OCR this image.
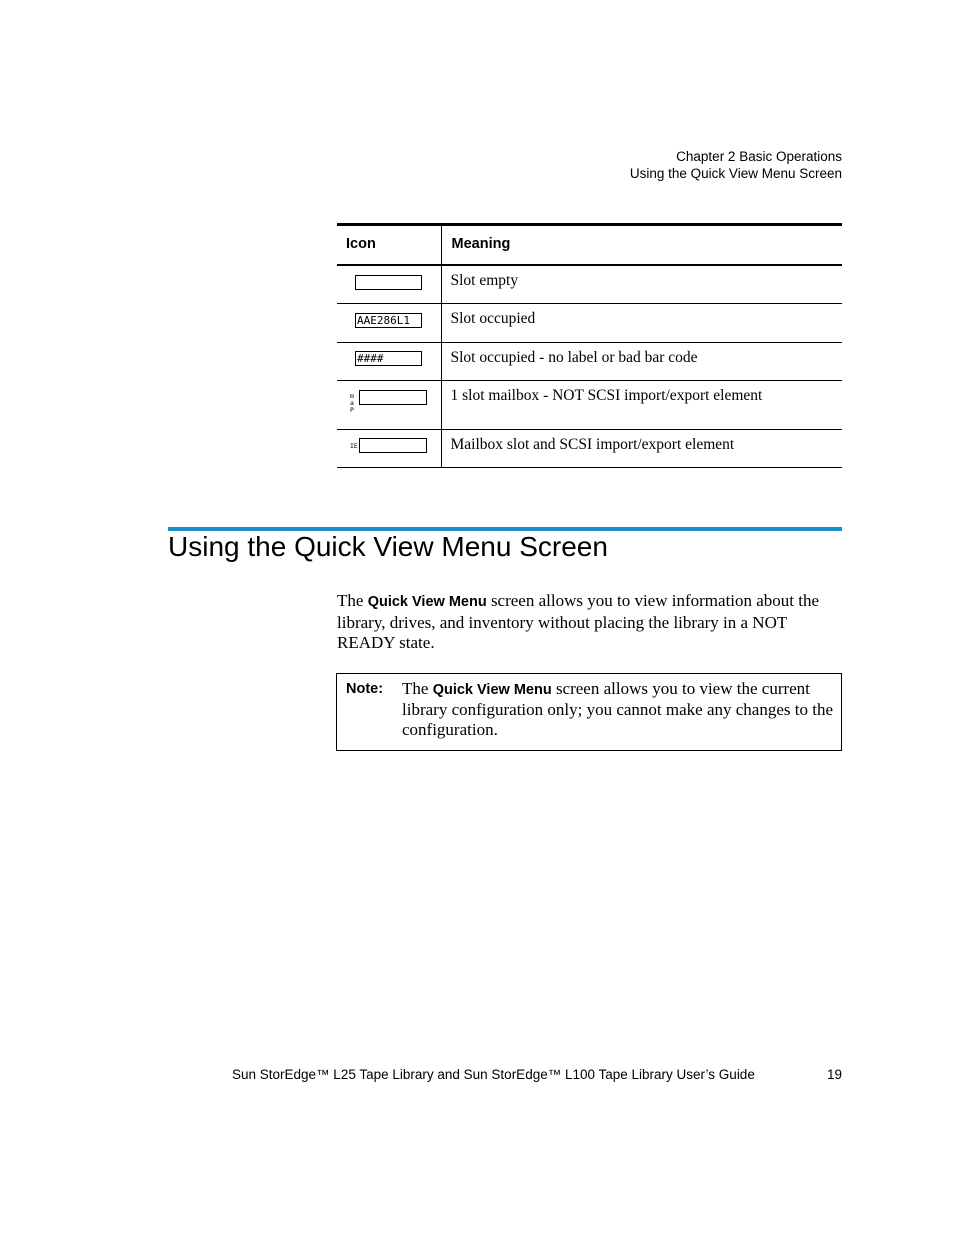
Chapter 2 Basic Operations
Using the Quick View Menu Screen
Icon	Meaning

	Slot empty

AAE286L1	Slot occupied

####	Slot occupied - no label or bad bar code

m
a
P	1 slot mailbox - NOT SCSI import/export element

IE	Mailbox slot and SCSI import/export element
Using the Quick View Menu Screen

The Quick View Menu screen allows you to view information about the library, drives, and inventory without placing the library in a NOT READY state.

Note: The Quick View Menu screen allows you to view the current library configuration only; you cannot make any changes to the configuration.

Sun StorEdge™ L25 Tape Library and Sun StorEdge™ L100 Tape Library User’s Guide	19
